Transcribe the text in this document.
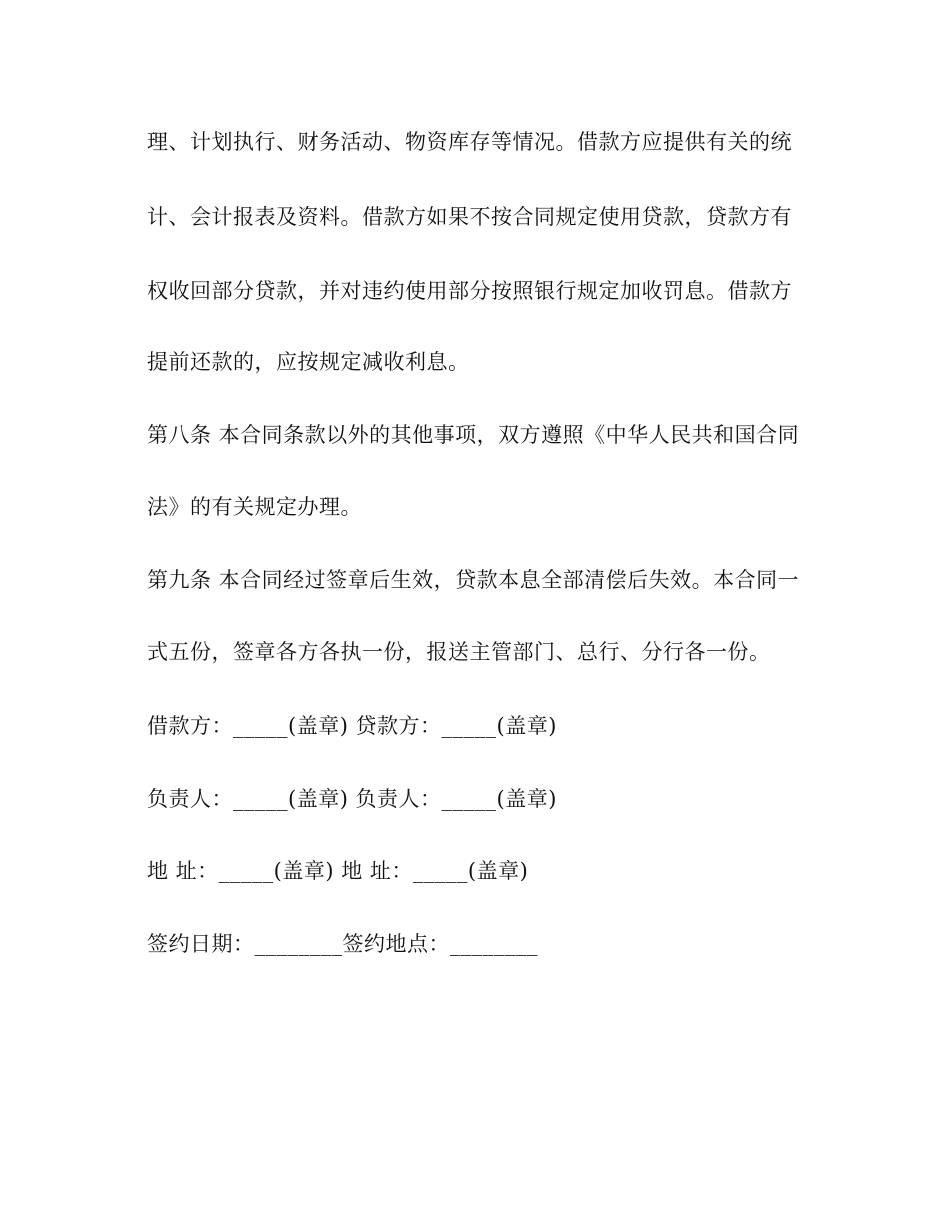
理、计划执行、财务活动、物资库存等情况。借款方应提供有关的统
计、会计报表及资料。借款方如果不按合同规定使用贷款，贷款方有
权收回部分贷款，并对违约使用部分按照银行规定加收罚息。借款方
提前还款的，应按规定减收利息。
第八条 本合同条款以外的其他事项，双方遵照《中华人民共和国合同
法》的有关规定办理。
第九条 本合同经过签章后生效，贷款本息全部清偿后失效。本合同一
式五份，签章各方各执一份，报送主管部门、总行、分行各一份。
借款方：_____(盖章) 贷款方：_____(盖章)
负责人：_____(盖章) 负责人：_____(盖章)
地 址：_____(盖章) 地 址：_____(盖章)
签约日期：________签约地点：________
